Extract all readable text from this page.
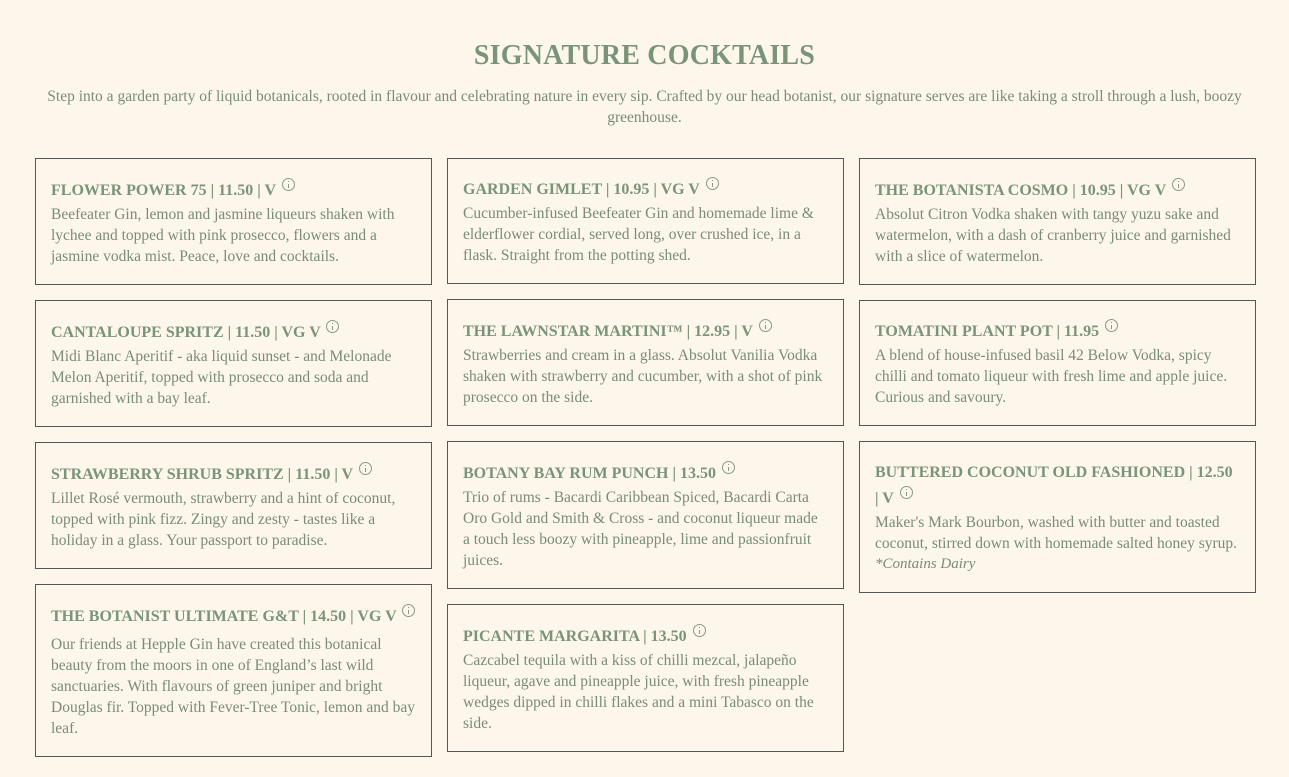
SIGNATURE COCKTAILS

Step into a garden party of liquid botanicals, rooted in flavour and celebrating nature in every sip. Crafted by our head botanist, our signature serves are like taking a stroll through a lush, boozy greenhouse.

FLOWER POWER 75 | 11.50 | V

Beefeater Gin, lemon and jasmine liqueurs shaken with lychee and topped with pink prosecco, flowers and a jasmine vodka mist. Peace, love and cocktails.

CANTALOUPE SPRITZ | 11.50 | VG V

Midi Blanc Aperitif - aka liquid sunset - and Melonade Melon Aperitif, topped with prosecco and soda and garnished with a bay leaf.

STRAWBERRY SHRUB SPRITZ | 11.50 | V

Lillet Rosé vermouth, strawberry and a hint of coconut, topped with pink fizz. Zingy and zesty - tastes like a holiday in a glass. Your passport to paradise.

THE BOTANIST ULTIMATE G&T | 14.50 | VG V

Our friends at Hepple Gin have created this botanical beauty from the moors in one of England’s last wild sanctuaries. With flavours of green juniper and bright Douglas fir. Topped with Fever-Tree Tonic, lemon and bay leaf.

GARDEN GIMLET | 10.95 | VG V

Cucumber-infused Beefeater Gin and homemade lime & elderflower cordial, served long, over crushed ice, in a flask. Straight from the potting shed.

THE LAWNSTAR MARTINI™ | 12.95 | V

Strawberries and cream in a glass. Absolut Vanilia Vodka shaken with strawberry and cucumber, with a shot of pink prosecco on the side.

BOTANY BAY RUM PUNCH | 13.50

Trio of rums - Bacardi Caribbean Spiced, Bacardi Carta Oro Gold and Smith & Cross - and coconut liqueur made a touch less boozy with pineapple, lime and passionfruit juices.

PICANTE MARGARITA | 13.50

Cazcabel tequila with a kiss of chilli mezcal, jalapeño liqueur, agave and pineapple juice, with fresh pineapple wedges dipped in chilli flakes and a mini Tabasco on the side.

THE BOTANISTA COSMO | 10.95 | VG V

Absolut Citron Vodka shaken with tangy yuzu sake and watermelon, with a dash of cranberry juice and garnished with a slice of watermelon.

TOMATINI PLANT POT | 11.95

A blend of house-infused basil 42 Below Vodka, spicy chilli and tomato liqueur with fresh lime and apple juice. Curious and savoury.

BUTTERED COCONUT OLD FASHIONED | 12.50 | V

Maker's Mark Bourbon, washed with butter and toasted coconut, stirred down with homemade salted honey syrup.

*Contains Dairy
